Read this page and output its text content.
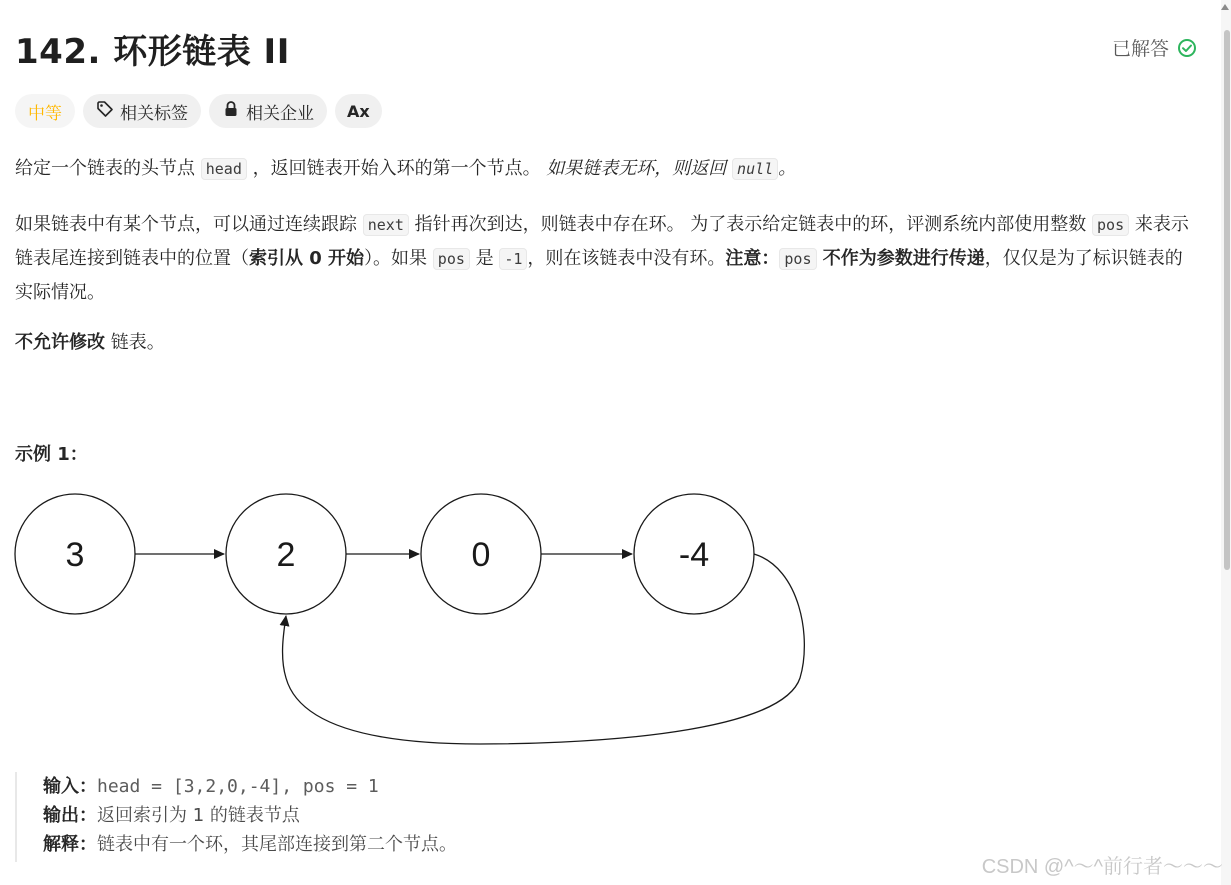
142. 环形链表 II	已解答
中等	相关标签	相关企业 Ax
给定一个链表的头节点 head ，返回链表开始入环的第一个节点。 如果链表无环，则返回 null 。
如果链表中有某个节点，可以通过连续跟踪 next 指针再次到达，则链表中存在环。 为了表示给定链表中的环，评测系统内部使用整数 pos 来表示链表尾连接到链表中的位置（索引从 0 开始）。如果 pos 是 -1 ，则在该链表中没有环。注意： pos 不作为参数进行传递，仅仅是为了标识链表的实际情况。
不允许修改 链表。
示例 1：
3	2	0	-4
输入：head = [3,2,0,-4], pos = 1
输出：返回索引为 1 的链表节点
解释：链表中有一个环，其尾部连接到第二个节点。
CSDN @^～^前行者～～～
